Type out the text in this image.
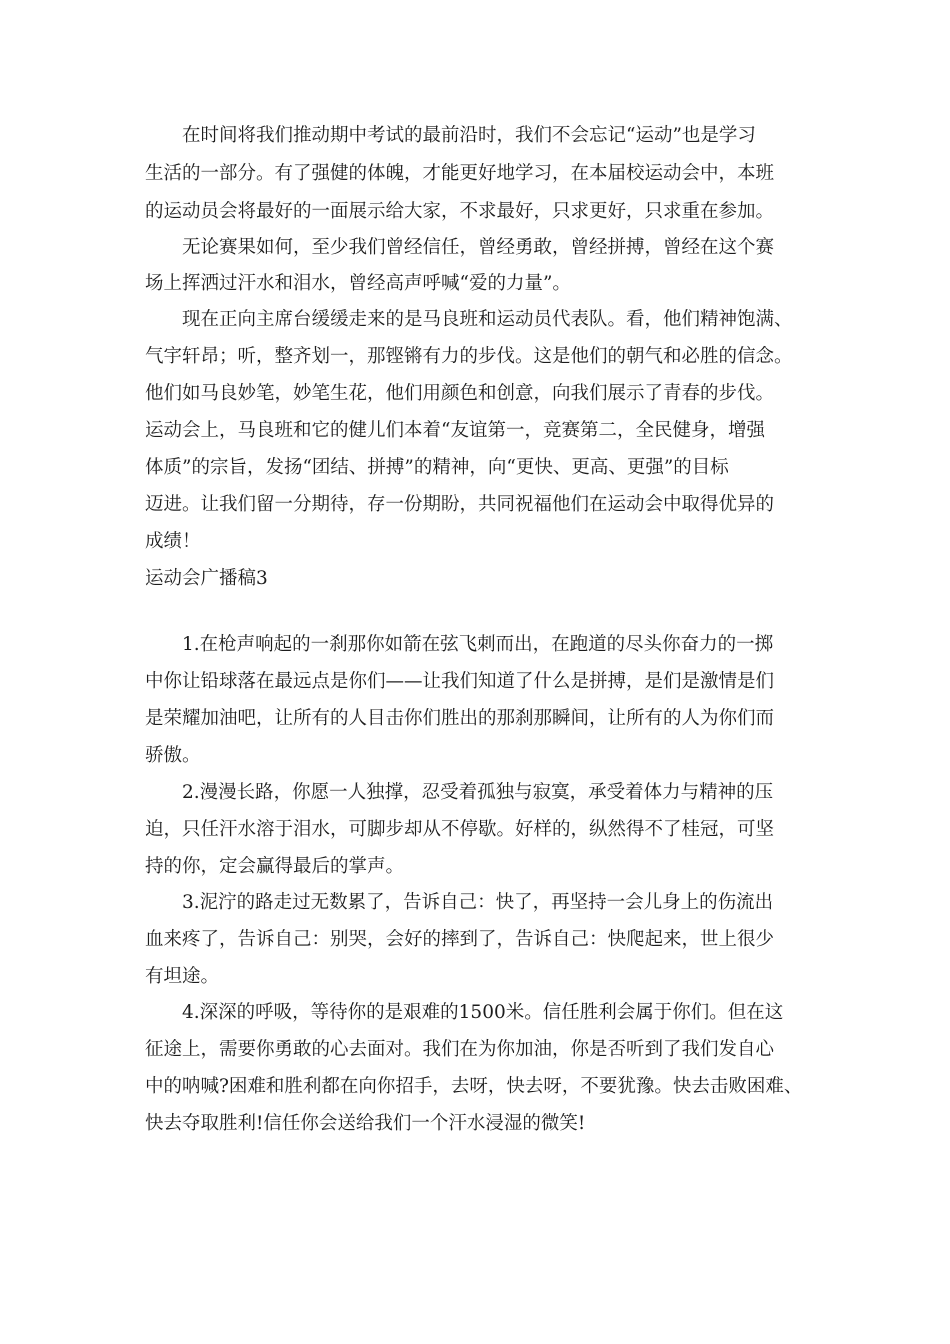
在时间将我们推动期中考试的最前沿时，我们不会忘记“运动”也是学习
生活的一部分。有了强健的体魄，才能更好地学习，在本届校运动会中，本班
的运动员会将最好的一面展示给大家，不求最好，只求更好，只求重在参加。
无论赛果如何，至少我们曾经信任，曾经勇敢，曾经拼搏，曾经在这个赛
场上挥洒过汗水和泪水，曾经高声呼喊“爱的力量”。
现在正向主席台缓缓走来的是马良班和运动员代表队。看，他们精神饱满、
气宇轩昂；听，整齐划一，那铿锵有力的步伐。这是他们的朝气和必胜的信念。
他们如马良妙笔，妙笔生花，他们用颜色和创意，向我们展示了青春的步伐。
运动会上，马良班和它的健儿们本着“友谊第一，竞赛第二，全民健身，增强
体质”的宗旨，发扬“团结、拼搏”的精神，向“更快、更高、更强”的目标
迈进。让我们留一分期待，存一份期盼，共同祝福他们在运动会中取得优异的
成绩！
运动会广播稿3
1.在枪声响起的一刹那你如箭在弦飞刺而出，在跑道的尽头你奋力的一掷
中你让铅球落在最远点是你们——让我们知道了什么是拼搏，是们是激情是们
是荣耀加油吧，让所有的人目击你们胜出的那刹那瞬间，让所有的人为你们而
骄傲。
2.漫漫长路，你愿一人独撑，忍受着孤独与寂寞，承受着体力与精神的压
迫，只任汗水溶于泪水，可脚步却从不停歇。好样的，纵然得不了桂冠，可坚
持的你，定会赢得最后的掌声。
3.泥泞的路走过无数累了，告诉自己：快了，再坚持一会儿身上的伤流出
血来疼了，告诉自己：别哭，会好的摔到了，告诉自己：快爬起来，世上很少
有坦途。
4.深深的呼吸，等待你的是艰难的1500米。信任胜利会属于你们。但在这
征途上，需要你勇敢的心去面对。我们在为你加油，你是否听到了我们发自心
中的呐喊?困难和胜利都在向你招手，去呀，快去呀，不要犹豫。快去击败困难、
快去夺取胜利!信任你会送给我们一个汗水浸湿的微笑!
